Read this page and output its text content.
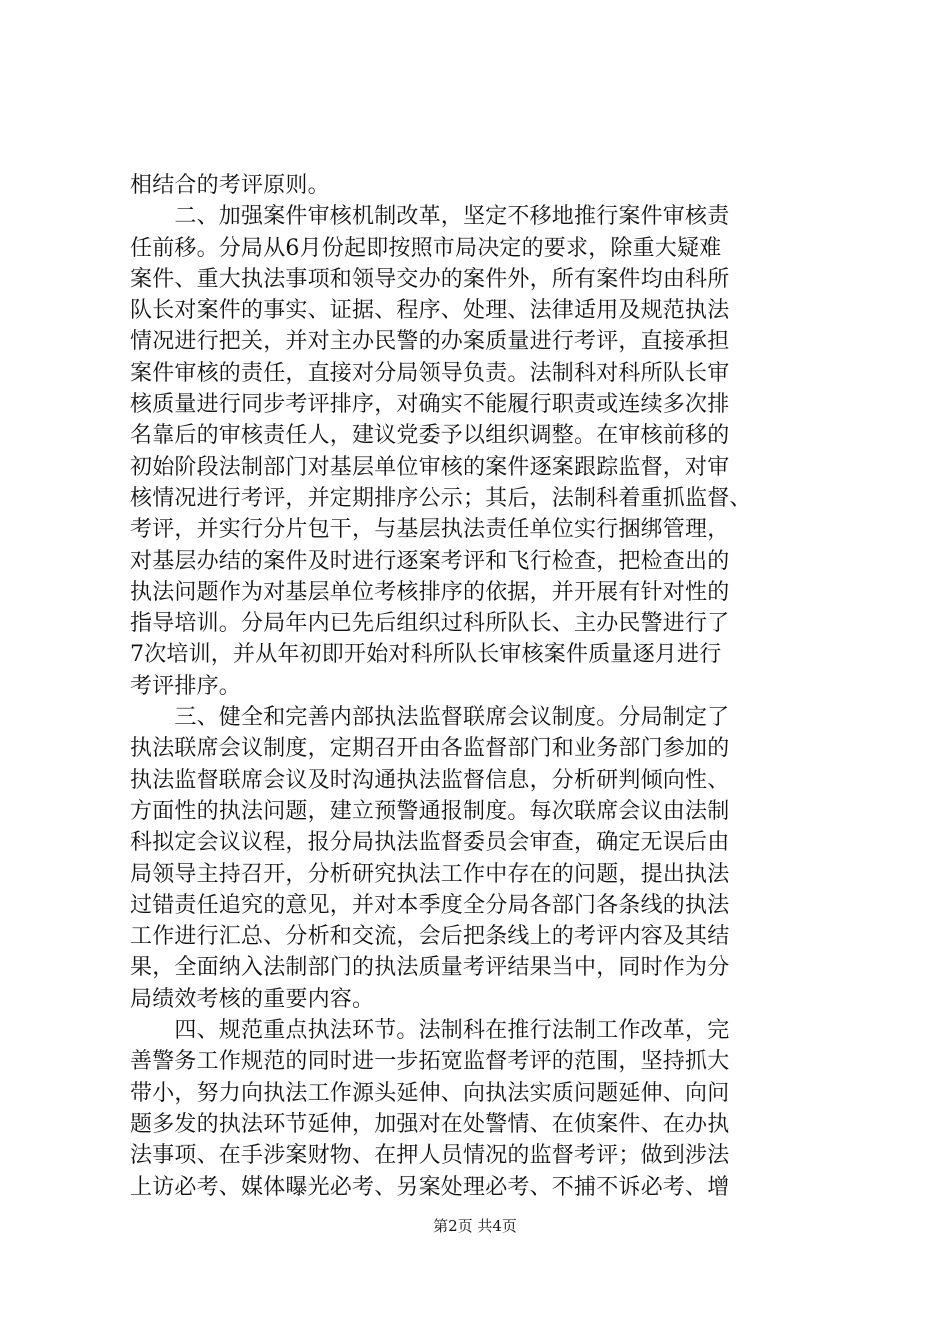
相结合的考评原则。
　　二、加强案件审核机制改革，坚定不移地推行案件审核责
任前移。分局从6月份起即按照市局决定的要求，除重大疑难
案件、重大执法事项和领导交办的案件外，所有案件均由科所
队长对案件的事实、证据、程序、处理、法律适用及规范执法
情况进行把关，并对主办民警的办案质量进行考评，直接承担
案件审核的责任，直接对分局领导负责。法制科对科所队长审
核质量进行同步考评排序，对确实不能履行职责或连续多次排
名靠后的审核责任人，建议党委予以组织调整。在审核前移的
初始阶段法制部门对基层单位审核的案件逐案跟踪监督，对审
核情况进行考评，并定期排序公示；其后，法制科着重抓监督、
考评，并实行分片包干，与基层执法责任单位实行捆绑管理，
对基层办结的案件及时进行逐案考评和飞行检查，把检查出的
执法问题作为对基层单位考核排序的依据，并开展有针对性的
指导培训。分局年内已先后组织过科所队长、主办民警进行了
7次培训，并从年初即开始对科所队长审核案件质量逐月进行
考评排序。
　　三、健全和完善内部执法监督联席会议制度。分局制定了
执法联席会议制度，定期召开由各监督部门和业务部门参加的
执法监督联席会议及时沟通执法监督信息，分析研判倾向性、
方面性的执法问题，建立预警通报制度。每次联席会议由法制
科拟定会议议程，报分局执法监督委员会审查，确定无误后由
局领导主持召开，分析研究执法工作中存在的问题，提出执法
过错责任追究的意见，并对本季度全分局各部门各条线的执法
工作进行汇总、分析和交流，会后把条线上的考评内容及其结
果，全面纳入法制部门的执法质量考评结果当中，同时作为分
局绩效考核的重要内容。
　　四、规范重点执法环节。法制科在推行法制工作改革，完
善警务工作规范的同时进一步拓宽监督考评的范围，坚持抓大
带小，努力向执法工作源头延伸、向执法实质问题延伸、向问
题多发的执法环节延伸，加强对在处警情、在侦案件、在办执
法事项、在手涉案财物、在押人员情况的监督考评；做到涉法
上访必考、媒体曝光必考、另案处理必考、不捕不诉必考、增
第2页 共4页
